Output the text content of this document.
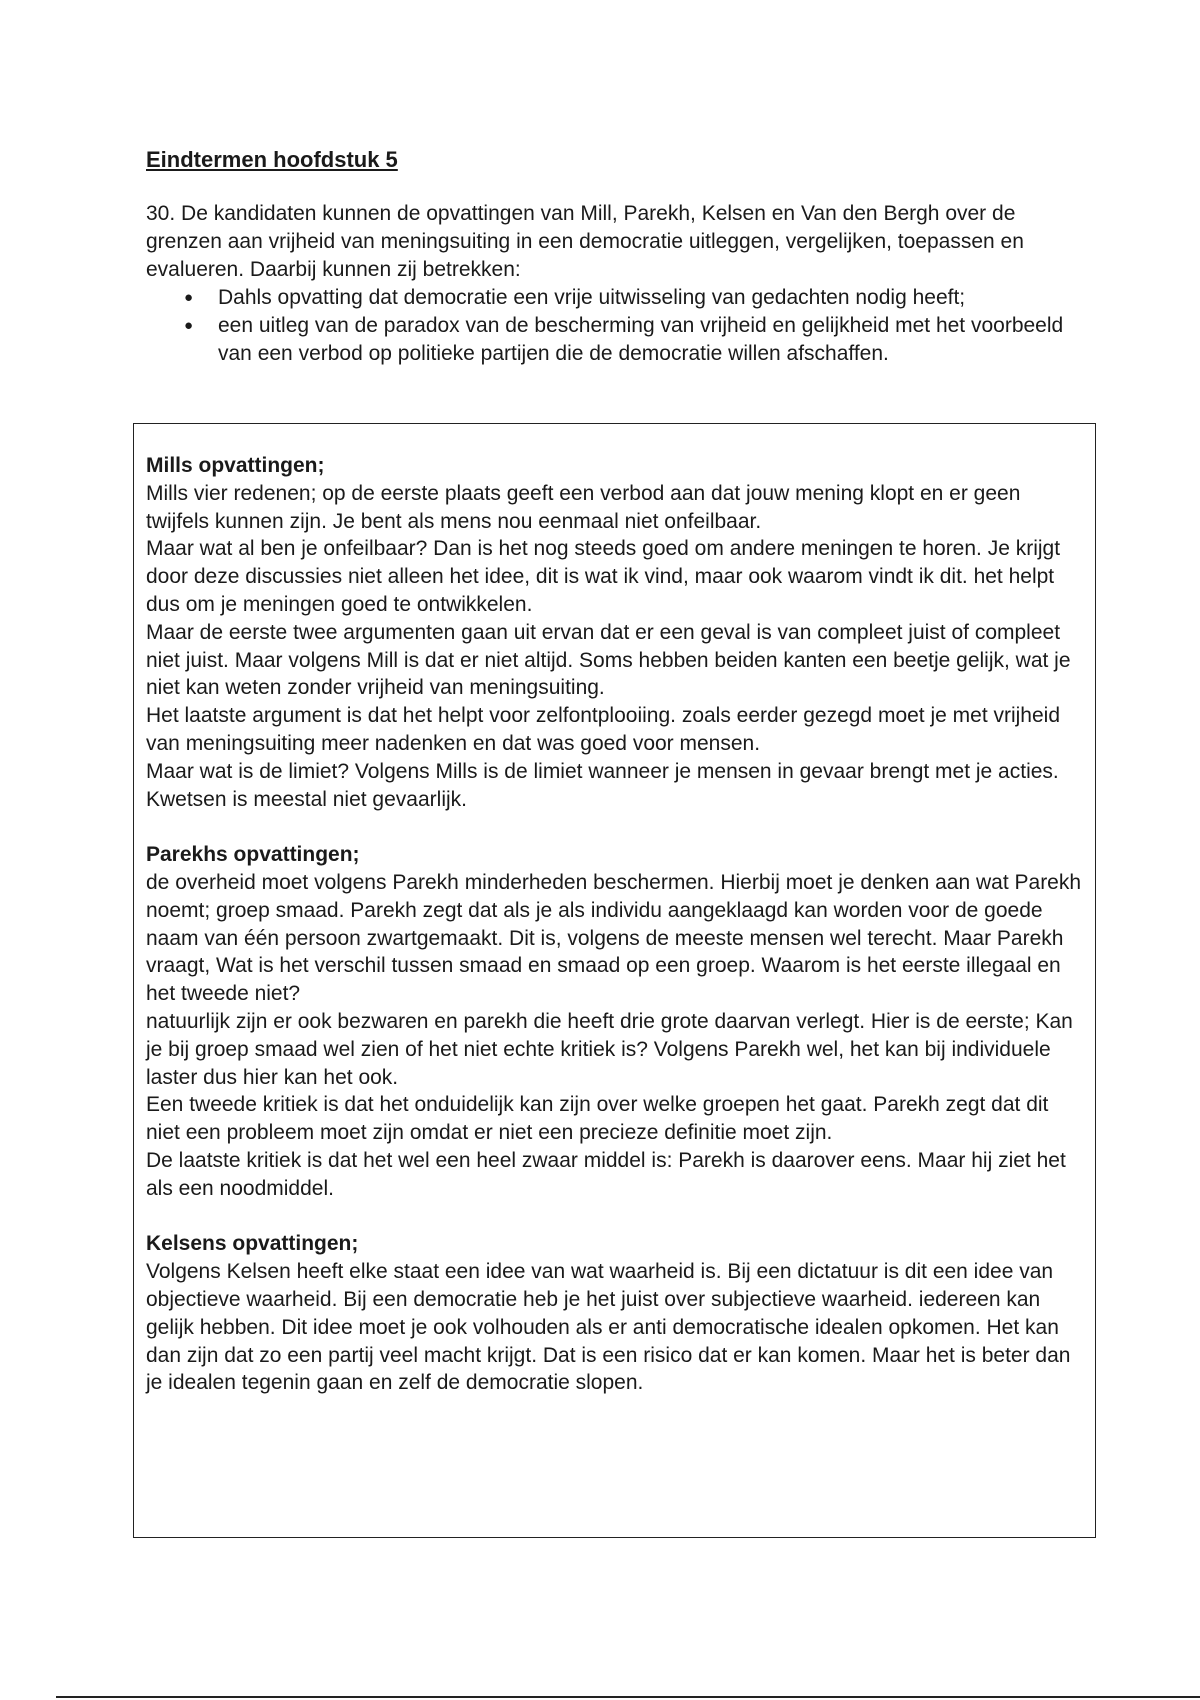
Eindtermen hoofdstuk 5

30. De kandidaten kunnen de opvattingen van Mill, Parekh, Kelsen en Van den Bergh over de grenzen aan vrijheid van meningsuiting in een democratie uitleggen, vergelijken, toepassen en evalueren. Daarbij kunnen zij betrekken:

● Dahls opvatting dat democratie een vrije uitwisseling van gedachten nodig heeft;
● een uitleg van de paradox van de bescherming van vrijheid en gelijkheid met het voorbeeld van een verbod op politieke partijen die de democratie willen afschaffen.
Mills opvattingen;

Mills vier redenen; op de eerste plaats geeft een verbod aan dat jouw mening klopt en er geen twijfels kunnen zijn. Je bent als mens nou eenmaal niet onfeilbaar.

Maar wat al ben je onfeilbaar? Dan is het nog steeds goed om andere meningen te horen. Je krijgt door deze discussies niet alleen het idee, dit is wat ik vind, maar ook waarom vindt ik dit. het helpt dus om je meningen goed te ontwikkelen.

Maar de eerste twee argumenten gaan uit ervan dat er een geval is van compleet juist of compleet niet juist. Maar volgens Mill is dat er niet altijd. Soms hebben beiden kanten een beetje gelijk, wat je niet kan weten zonder vrijheid van meningsuiting.

Het laatste argument is dat het helpt voor zelfontplooiing. zoals eerder gezegd moet je met vrijheid van meningsuiting meer nadenken en dat was goed voor mensen.

Maar wat is de limiet? Volgens Mills is de limiet wanneer je mensen in gevaar brengt met je acties. Kwetsen is meestal niet gevaarlijk.

Parekhs opvattingen;

de overheid moet volgens Parekh minderheden beschermen. Hierbij moet je denken aan wat Parekh noemt; groep smaad. Parekh zegt dat als je als individu aangeklaagd kan worden voor de goede naam van één persoon zwartgemaakt. Dit is, volgens de meeste mensen wel terecht. Maar Parekh vraagt, Wat is het verschil tussen smaad en smaad op een groep. Waarom is het eerste illegaal en het tweede niet?

natuurlijk zijn er ook bezwaren en parekh die heeft drie grote daarvan verlegt. Hier is de eerste; Kan je bij groep smaad wel zien of het niet echte kritiek is? Volgens Parekh wel, het kan bij individuele laster dus hier kan het ook.

Een tweede kritiek is dat het onduidelijk kan zijn over welke groepen het gaat. Parekh zegt dat dit niet een probleem moet zijn omdat er niet een precieze definitie moet zijn.

De laatste kritiek is dat het wel een heel zwaar middel is: Parekh is daarover eens. Maar hij ziet het als een noodmiddel.

Kelsens opvattingen;

Volgens Kelsen heeft elke staat een idee van wat waarheid is. Bij een dictatuur is dit een idee van objectieve waarheid. Bij een democratie heb je het juist over subjectieve waarheid. iedereen kan gelijk hebben. Dit idee moet je ook volhouden als er anti democratische idealen opkomen. Het kan dan zijn dat zo een partij veel macht krijgt. Dat is een risico dat er kan komen. Maar het is beter dan je idealen tegenin gaan en zelf de democratie slopen.
